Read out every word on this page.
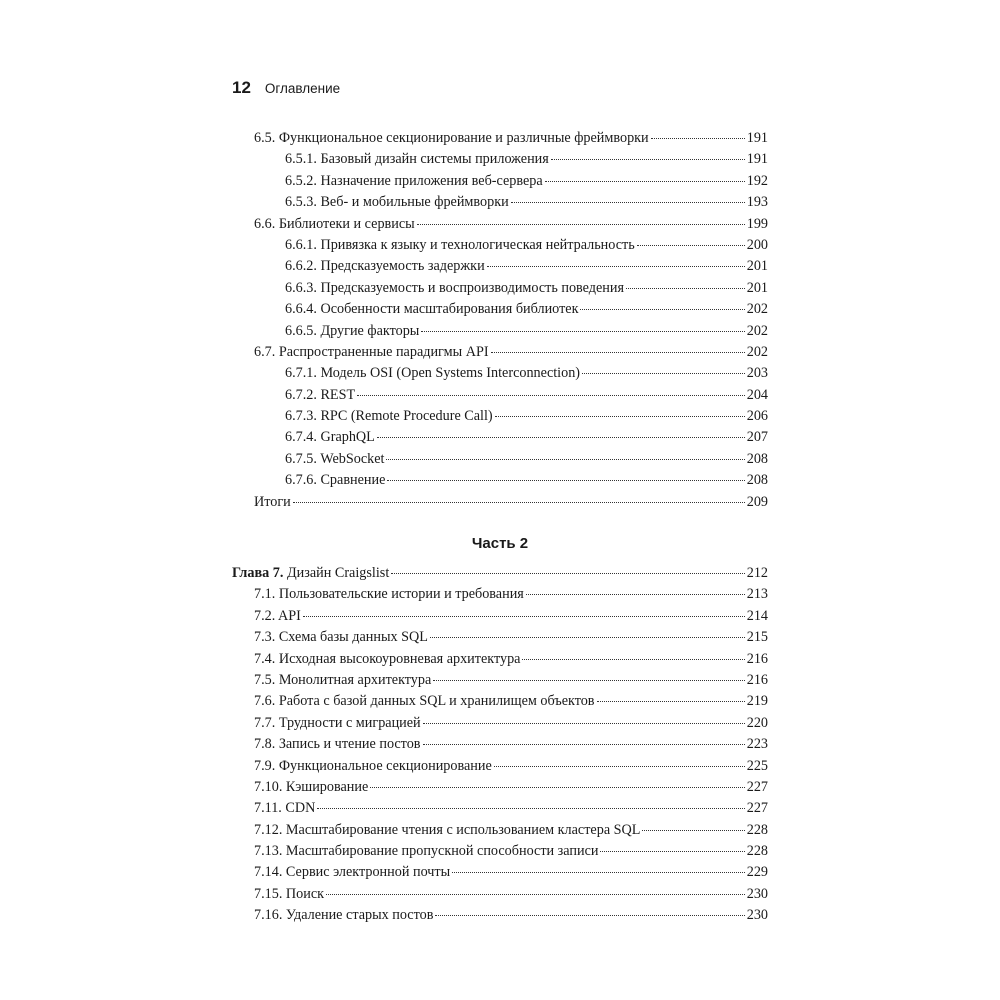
12 Оглавление
6.5. Функциональное секционирование и различные фреймворки	191
6.5.1. Базовый дизайн системы приложения	191
6.5.2. Назначение приложения веб-сервера	192
6.5.3. Веб- и мобильные фреймворки	193
6.6. Библиотеки и сервисы	199
6.6.1. Привязка к языку и технологическая нейтральность	200
6.6.2. Предсказуемость задержки	201
6.6.3. Предсказуемость и воспроизводимость поведения	201
6.6.4. Особенности масштабирования библиотек	202
6.6.5. Другие факторы	202
6.7. Распространенные парадигмы API	202
6.7.1. Модель OSI (Open Systems Interconnection)	203
6.7.2. REST	204
6.7.3. RPC (Remote Procedure Call)	206
6.7.4. GraphQL	207
6.7.5. WebSocket	208
6.7.6. Сравнение	208
Итоги	209
Часть 2
Глава 7. Дизайн Craigslist	212
7.1. Пользовательские истории и требования	213
7.2. API	214
7.3. Схема базы данных SQL	215
7.4. Исходная высокоуровневая архитектура	216
7.5. Монолитная архитектура	216
7.6. Работа с базой данных SQL и хранилищем объектов	219
7.7. Трудности с миграцией	220
7.8. Запись и чтение постов	223
7.9. Функциональное секционирование	225
7.10. Кэширование	227
7.11. CDN	227
7.12. Масштабирование чтения с использованием кластера SQL	228
7.13. Масштабирование пропускной способности записи	228
7.14. Сервис электронной почты	229
7.15. Поиск	230
7.16. Удаление старых постов	230
